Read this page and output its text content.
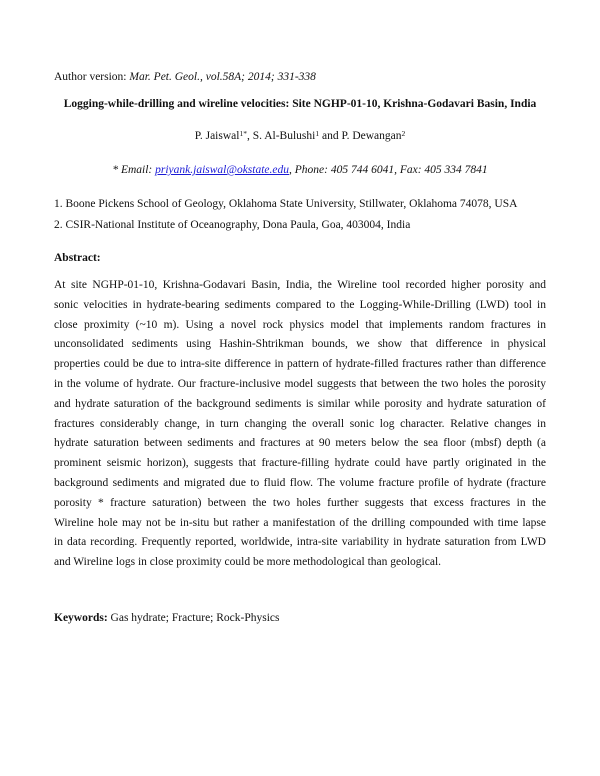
Author version: Mar. Pet. Geol., vol.58A; 2014; 331-338
Logging-while-drilling and wireline velocities: Site NGHP-01-10, Krishna-Godavari Basin, India
P. Jaiswal$^{1*}$, S. Al-Bulushi$^1$ and P. Dewangan$^2$
* Email: priyank.jaiswal@okstate.edu, Phone: 405 744 6041, Fax: 405 334 7841
1. Boone Pickens School of Geology, Oklahoma State University, Stillwater, Oklahoma 74078, USA
2. CSIR-National Institute of Oceanography, Dona Paula, Goa, 403004, India
Abstract:
At site NGHP-01-10, Krishna-Godavari Basin, India, the Wireline tool recorded higher porosity and
sonic velocities in hydrate-bearing sediments compared to the Logging-While-Drilling (LWD) tool in
close proximity (~10 m). Using a novel rock physics model that implements random fractures in
unconsolidated sediments using Hashin-Shtrikman bounds, we show that difference in physical
properties could be due to intra-site difference in pattern of hydrate-filled fractures rather than difference
in the volume of hydrate. Our fracture-inclusive model suggests that between the two holes the porosity
and hydrate saturation of the background sediments is similar while porosity and hydrate saturation of
fractures considerably change, in turn changing the overall sonic log character. Relative changes in
hydrate saturation between sediments and fractures at 90 meters below the sea floor (mbsf) depth (a
prominent seismic horizon), suggests that fracture-filling hydrate could have partly originated in the
background sediments and migrated due to fluid flow. The volume fracture profile of hydrate (fracture
porosity * fracture saturation) between the two holes further suggests that excess fractures in the
Wireline hole may not be in-situ but rather a manifestation of the drilling compounded with time lapse
in data recording. Frequently reported, worldwide, intra-site variability in hydrate saturation from LWD
and Wireline logs in close proximity could be more methodological than geological.
Keywords: Gas hydrate; Fracture; Rock-Physics
